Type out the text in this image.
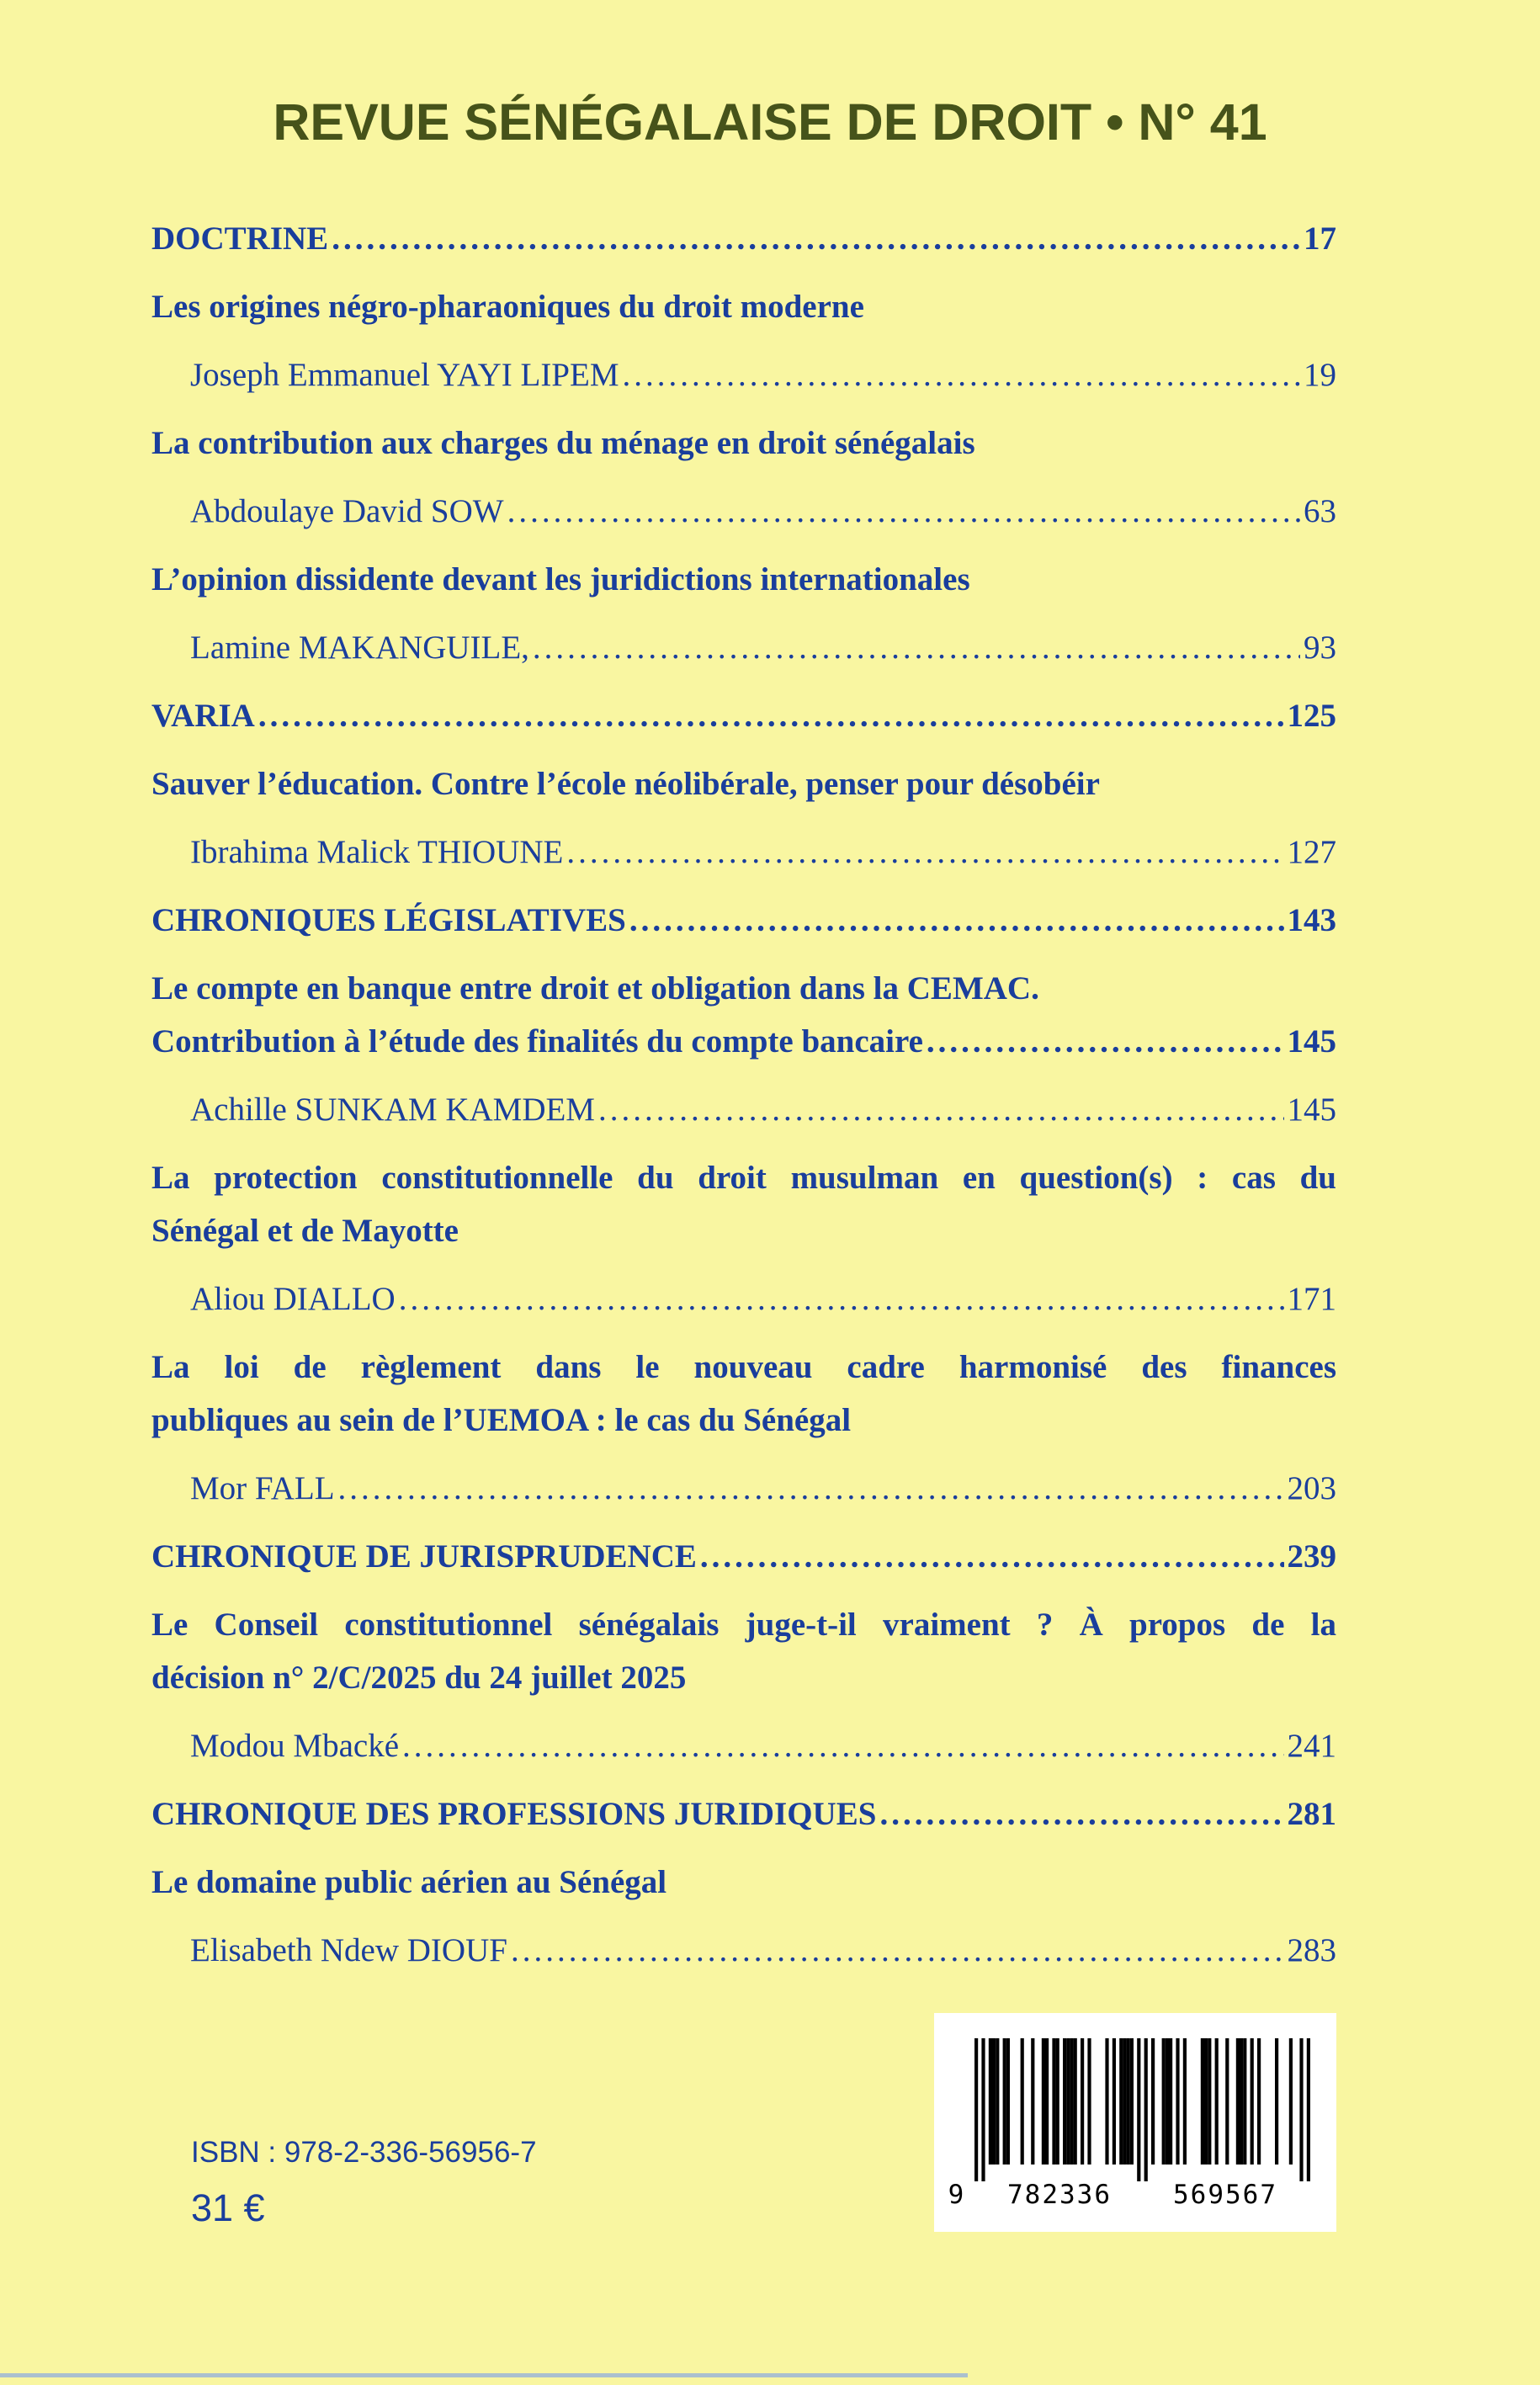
REVUE SÉNÉGALAISE DE DROIT • N° 41
DOCTRINE .....	17
Les origines négro-pharaoniques du droit moderne
Joseph Emmanuel YAYI LIPEM .....	19
La contribution aux charges du ménage en droit sénégalais
Abdoulaye David SOW .....	63
L’opinion dissidente devant les juridictions internationales
Lamine MAKANGUILE, .....	93
VARIA .....	125
Sauver l’éducation. Contre l’école néolibérale, penser pour désobéir
Ibrahima Malick THIOUNE .....	127
CHRONIQUES LÉGISLATIVES .....	143
Le compte en banque entre droit et obligation dans la CEMAC.
Contribution à l’étude des finalités du compte bancaire .....	145
Achille SUNKAM KAMDEM .....	145
La protection constitutionnelle du droit musulman en question(s) : cas du
Sénégal et de Mayotte
Aliou DIALLO .....	171
La loi de règlement dans le nouveau cadre harmonisé des finances
publiques au sein de l’UEMOA : le cas du Sénégal
Mor FALL .....	203
CHRONIQUE DE JURISPRUDENCE .....	239
Le Conseil constitutionnel sénégalais juge-t-il vraiment ? À propos de la
décision n° 2/C/2025 du 24 juillet 2025
Modou Mbacké .....	241
CHRONIQUE DES PROFESSIONS JURIDIQUES .....	281
Le domaine public aérien au Sénégal
Elisabeth Ndew DIOUF .....	283
ISBN : 978-2-336-56956-7
31 €	9 782336 569567
